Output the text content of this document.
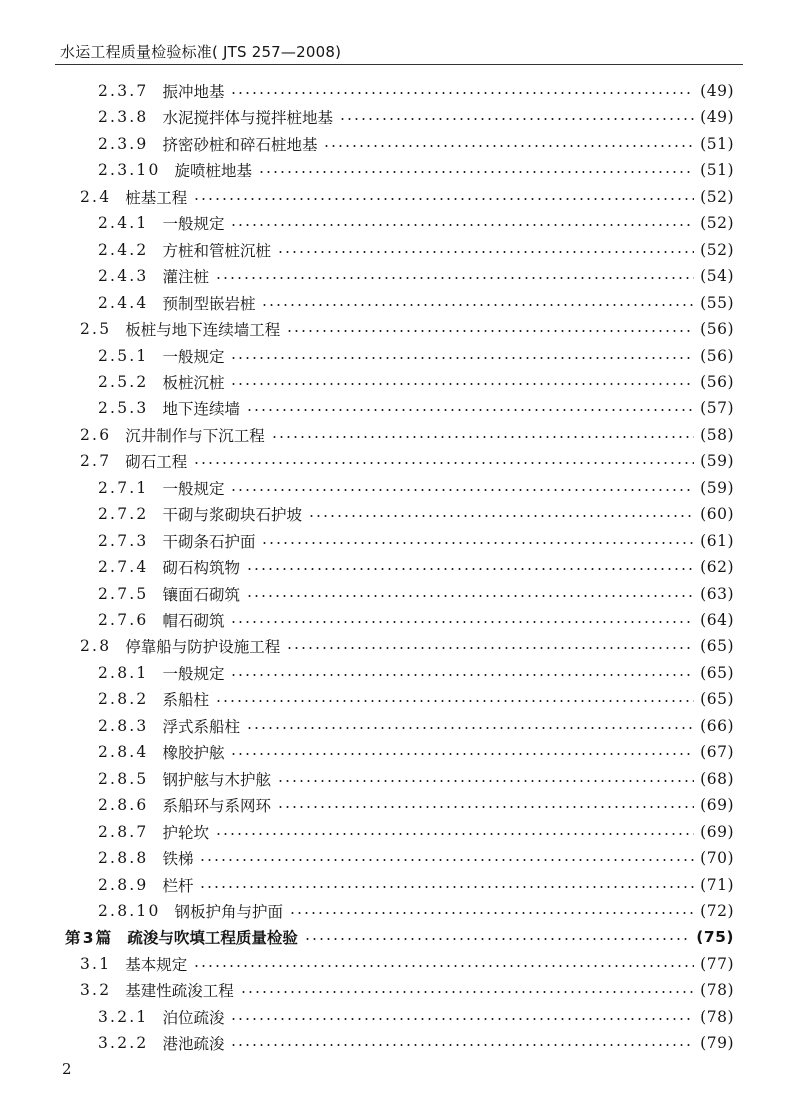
水运工程质量检验标准( JTS 257—2008)
2.3.7 振冲地基	(49)
2.3.8 水泥搅拌体与搅拌桩地基	(49)
2.3.9 挤密砂桩和碎石桩地基	(51)
2.3.10 旋喷桩地基	(51)
2.4 桩基工程	(52)
2.4.1 一般规定	(52)
2.4.2 方桩和管桩沉桩	(52)
2.4.3 灌注桩	(54)
2.4.4 预制型嵌岩桩	(55)
2.5 板桩与地下连续墙工程	(56)
2.5.1 一般规定	(56)
2.5.2 板桩沉桩	(56)
2.5.3 地下连续墙	(57)
2.6 沉井制作与下沉工程	(58)
2.7 砌石工程	(59)
2.7.1 一般规定	(59)
2.7.2 干砌与浆砌块石护坡	(60)
2.7.3 干砌条石护面	(61)
2.7.4 砌石构筑物	(62)
2.7.5 镶面石砌筑	(63)
2.7.6 帽石砌筑	(64)
2.8 停靠船与防护设施工程	(65)
2.8.1 一般规定	(65)
2.8.2 系船柱	(65)
2.8.3 浮式系船柱	(66)
2.8.4 橡胶护舷	(67)
2.8.5 钢护舷与木护舷	(68)
2.8.6 系船环与系网环	(69)
2.8.7 护轮坎	(69)
2.8.8 铁梯	(70)
2.8.9 栏杆	(71)
2.8.10 钢板护角与护面	(72)
第3篇 疏浚与吹填工程质量检验	(75)
3.1 基本规定	(77)
3.2 基建性疏浚工程	(78)
3.2.1 泊位疏浚	(78)
3.2.2 港池疏浚	(79)
2
